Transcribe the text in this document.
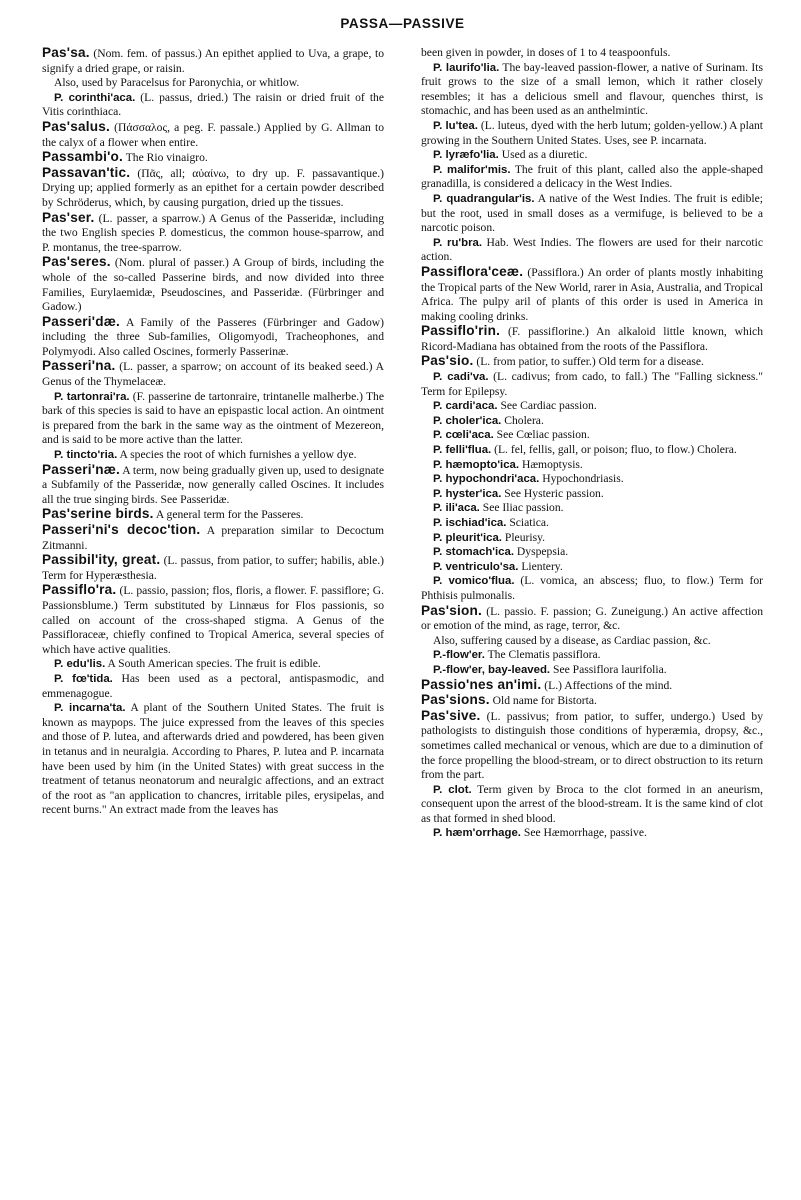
PASSA—PASSIVE

Pas'sa. (Nom. fem. of passus.) An epithet applied to Uva, a grape, to signify a dried grape, or raisin.

Also, used by Paracelsus for Paronychia, or whitlow.

P. corinthi'aca. (L. passus, dried.) The raisin or dried fruit of the Vitis corinthiaca.

Pas'salus. (Πάσσαλος, a peg. F. passale.) Applied by G. Allman to the calyx of a flower when entire.

Passambi'o. The Rio vinaigro.

Passavan'tic. (Πᾶς, all; αὐαίνω, to dry up. F. passavantique.) Drying up; applied formerly as an epithet for a certain powder described by Schröderus, which, by causing purgation, dried up the tissues.

Pas'ser. (L. passer, a sparrow.) A Genus of the Passeridæ, including the two English species P. domesticus, the common house-sparrow, and P. montanus, the tree-sparrow.

Pas'seres. (Nom. plural of passer.) A Group of birds, including the whole of the so-called Passerine birds, and now divided into three Families, Eurylaemidæ, Pseudoscines, and Passeridæ. (Fürbringer and Gadow.)

Passeri'dæ. A Family of the Passeres (Fürbringer and Gadow) including the three Sub-families, Oligomyodi, Tracheophones, and Polymyodi. Also called Oscines, formerly Passerinæ.

Passeri'na. (L. passer, a sparrow; on account of its beaked seed.) A Genus of the Thymelaceæ.

P. tartonrai'ra. (F. passerine de tartonraire, trintanelle malherbe.) The bark of this species is said to have an epispastic local action. An ointment is prepared from the bark in the same way as the ointment of Mezereon, and is said to be more active than the latter.

P. tincto'ria. A species the root of which furnishes a yellow dye.

Passeri'næ. A term, now being gradually given up, used to designate a Subfamily of the Passeridæ, now generally called Oscines. It includes all the true singing birds. See Passeridæ.

Pas'serine birds. A general term for the Passeres.

Passeri'ni's decoc'tion. A preparation similar to Decoctum Zitmanni.

Passibil'ity, great. (L. passus, from patior, to suffer; habilis, able.) Term for Hyperæsthesia.

Passiflo'ra. (L. passio, passion; flos, floris, a flower. F. passiflore; G. Passionsblume.) Term substituted by Linnæus for Flos passionis, so called on account of the cross-shaped stigma. A Genus of the Passifloraceæ, chiefly confined to Tropical America, several species of which have active qualities.

P. edu'lis. A South American species. The fruit is edible.

P. fœ'tida. Has been used as a pectoral, antispasmodic, and emmenagogue.

P. incarna'ta. A plant of the Southern United States. The fruit is known as maypops. The juice expressed from the leaves of this species and those of P. lutea, and afterwards dried and powdered, has been given in tetanus and in neuralgia. According to Phares, P. lutea and P. incarnata have been used by him (in the United States) with great success in the treatment of tetanus neonatorum and neuralgic affections, and an extract of the root as "an application to chancres, irritable piles, erysipelas, and recent burns." An extract made from the leaves has

been given in powder, in doses of 1 to 4 teaspoonfuls.

P. laurifo'lia. The bay-leaved passion-flower, a native of Surinam. Its fruit grows to the size of a small lemon, which it rather closely resembles; it has a delicious smell and flavour, quenches thirst, is stomachic, and has been used as an anthelmintic.

P. lu'tea. (L. luteus, dyed with the herb lutum; golden-yellow.) A plant growing in the Southern United States. Uses, see P. incarnata.

P. lyræfo'lia. Used as a diuretic.

P. malifor'mis. The fruit of this plant, called also the apple-shaped granadilla, is considered a delicacy in the West Indies.

P. quadrangular'is. A native of the West Indies. The fruit is edible; but the root, used in small doses as a vermifuge, is believed to be a narcotic poison.

P. ru'bra. Hab. West Indies. The flowers are used for their narcotic action.

Passiflora'ceæ. (Passiflora.) An order of plants mostly inhabiting the Tropical parts of the New World, rarer in Asia, Australia, and Tropical Africa. The pulpy aril of plants of this order is used in America in making cooling drinks.

Passiflo'rin. (F. passiflorine.) An alkaloid little known, which Ricord-Madiana has obtained from the roots of the Passiflora.

Pas'sio. (L. from patior, to suffer.) Old term for a disease.

P. cadi'va. (L. cadivus; from cado, to fall.) The "Falling sickness." Term for Epilepsy.

P. cardi'aca. See Cardiac passion.

P. choler'ica. Cholera.

P. cœli'aca. See Cœliac passion.

P. felli'flua. (L. fel, fellis, gall, or poison; fluo, to flow.) Cholera.

P. hæmopto'ica. Hæmoptysis.

P. hypochondri'aca. Hypochondriasis.

P. hyster'ica. See Hysteric passion.

P. ili'aca. See Iliac passion.

P. ischiad'ica. Sciatica.

P. pleurit'ica. Pleurisy.

P. stomach'ica. Dyspepsia.

P. ventriculo'sa. Lientery.

P. vomico'flua. (L. vomica, an abscess; fluo, to flow.) Term for Phthisis pulmonalis.

Pas'sion. (L. passio. F. passion; G. Zuneigung.) An active affection or emotion of the mind, as rage, terror, &c.

Also, suffering caused by a disease, as Cardiac passion, &c.

P.-flow'er. The Clematis passiflora.

P.-flow'er, bay-leaved. See Passiflora laurifolia.

Passio'nes an'imi. (L.) Affections of the mind.

Pas'sions. Old name for Bistorta.

Pas'sive. (L. passivus; from patior, to suffer, undergo.) Used by pathologists to distinguish those conditions of hyperæmia, dropsy, &c., sometimes called mechanical or venous, which are due to a diminution of the force propelling the blood-stream, or to direct obstruction to its return from the part.

P. clot. Term given by Broca to the clot formed in an aneurism, consequent upon the arrest of the blood-stream. It is the same kind of clot as that formed in shed blood.

P. hæm'orrhage. See Hæmorrhage, passive.
